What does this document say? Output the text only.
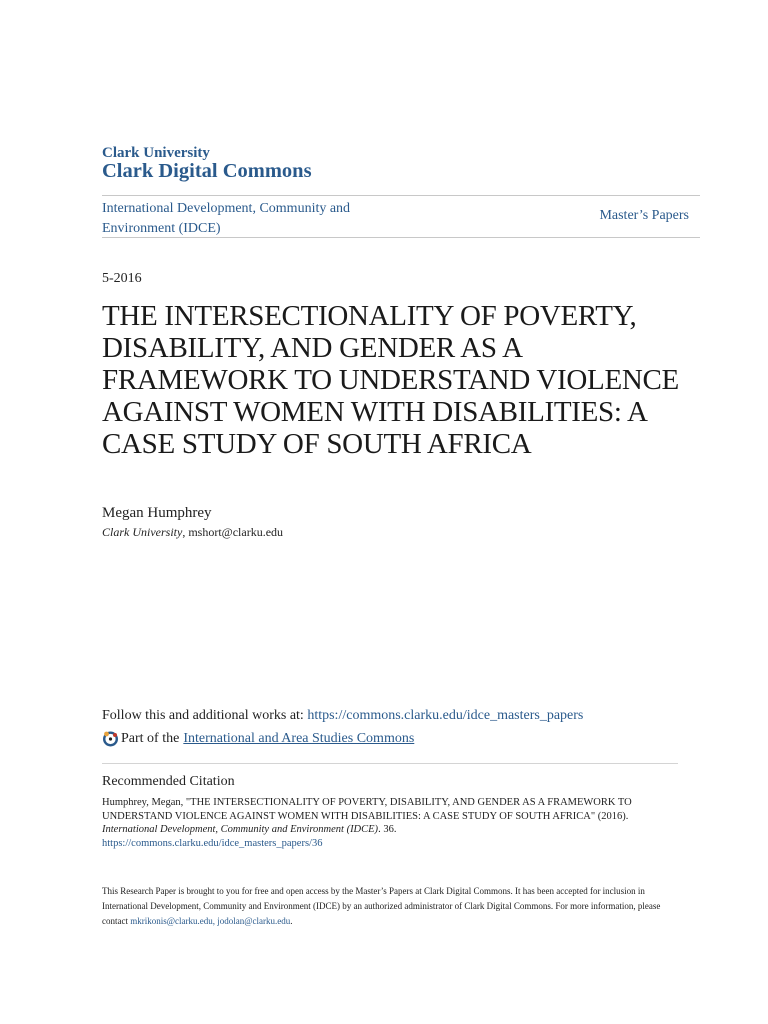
Clark University
Clark Digital Commons
International Development, Community and Environment (IDCE)
Master’s Papers
5-2016
THE INTERSECTIONALITY OF POVERTY, DISABILITY, AND GENDER AS A FRAMEWORK TO UNDERSTAND VIOLENCE AGAINST WOMEN WITH DISABILITIES: A CASE STUDY OF SOUTH AFRICA
Megan Humphrey
Clark University, mshort@clarku.edu
Follow this and additional works at: https://commons.clarku.edu/idce_masters_papers
Part of the International and Area Studies Commons
Recommended Citation
Humphrey, Megan, "THE INTERSECTIONALITY OF POVERTY, DISABILITY, AND GENDER AS A FRAMEWORK TO UNDERSTAND VIOLENCE AGAINST WOMEN WITH DISABILITIES: A CASE STUDY OF SOUTH AFRICA" (2016). International Development, Community and Environment (IDCE). 36.
https://commons.clarku.edu/idce_masters_papers/36
This Research Paper is brought to you for free and open access by the Master’s Papers at Clark Digital Commons. It has been accepted for inclusion in International Development, Community and Environment (IDCE) by an authorized administrator of Clark Digital Commons. For more information, please contact mkrikonis@clarku.edu, jodolan@clarku.edu.
